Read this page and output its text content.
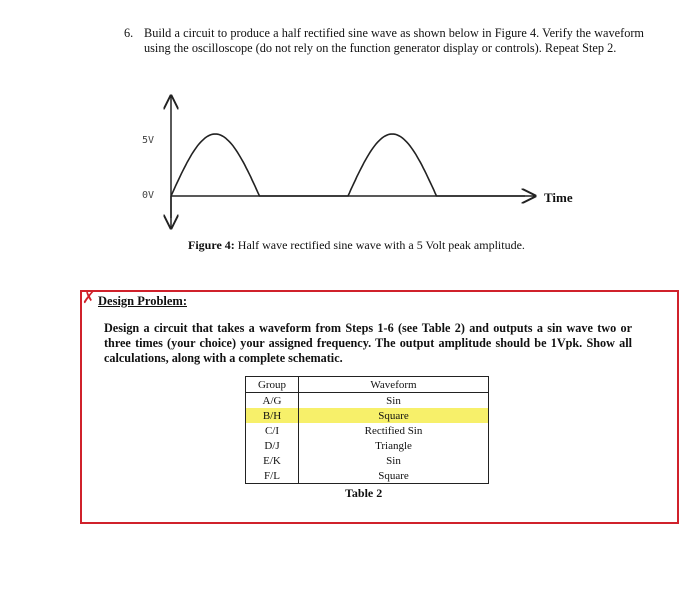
6. Build a circuit to produce a half rectified sine wave as shown below in Figure 4. Verify the waveform using the oscilloscope (do not rely on the function generator display or controls). Repeat Step 2.
5V
0V	Time
Figure 4: Half wave rectified sine wave with a 5 Volt peak amplitude.
✗ Design Problem:
Design a circuit that takes a waveform from Steps 1-6 (see Table 2) and outputs a sin wave two or three times (your choice) your assigned frequency. The output amplitude should be 1Vpk. Show all calculations, along with a complete schematic.
Group	Waveform
A/G	Sin
B/H	Square
C/I	Rectified Sin
D/J	Triangle
E/K	Sin
F/L	Square
Table 2
